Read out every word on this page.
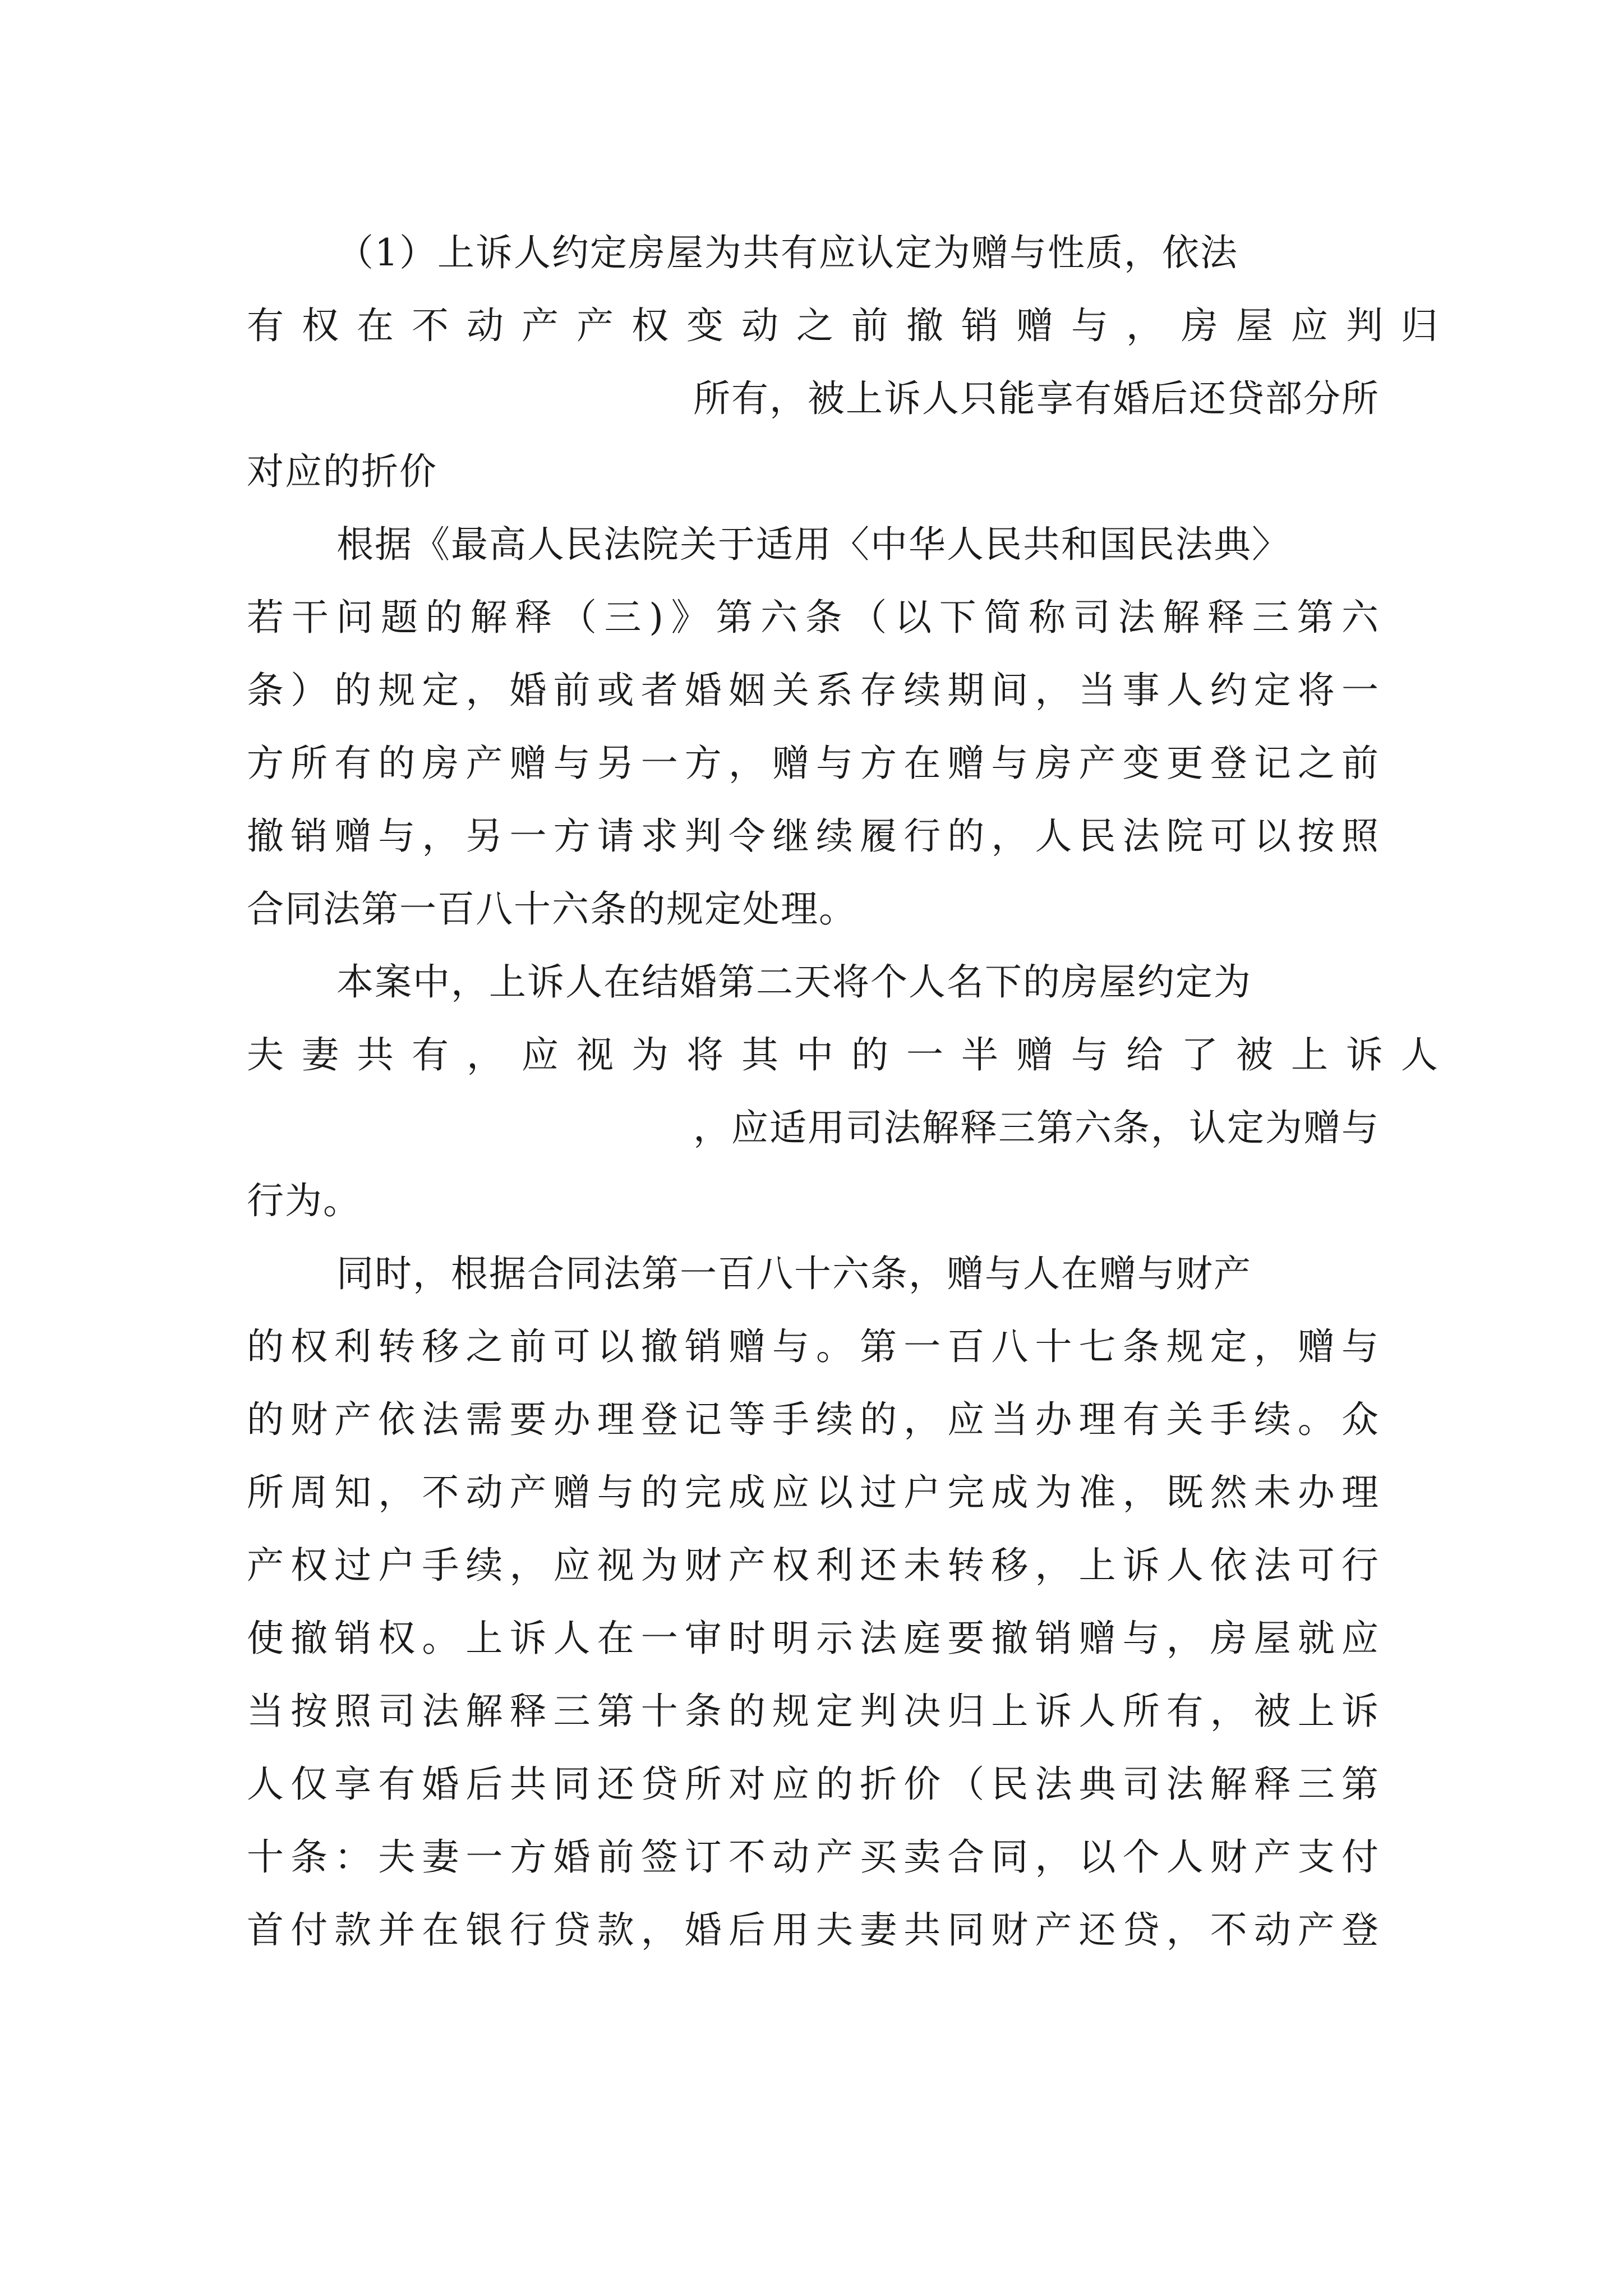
（1）上诉人约定房屋为共有应认定为赠与性质，依法
有权在不动产产权变动之前撤销赠与，房屋应判归
所有，被上诉人只能享有婚后还贷部分所
对应的折价
根据《最高人民法院关于适用〈中华人民共和国民法典〉
若干问题的解释（三)》第六条（以下简称司法解释三第六
条）的规定，婚前或者婚姻关系存续期间，当事人约定将一
方所有的房产赠与另一方，赠与方在赠与房产变更登记之前
撤销赠与，另一方请求判令继续履行的，人民法院可以按照
合同法第一百八十六条的规定处理。
本案中，上诉人在结婚第二天将个人名下的房屋约定为
夫妻共有，应视为将其中的一半赠与给了被上诉人
，应适用司法解释三第六条，认定为赠与
行为。
同时，根据合同法第一百八十六条，赠与人在赠与财产
的权利转移之前可以撤销赠与。第一百八十七条规定，赠与
的财产依法需要办理登记等手续的，应当办理有关手续。众
所周知，不动产赠与的完成应以过户完成为准，既然未办理
产权过户手续，应视为财产权利还未转移，上诉人依法可行
使撤销权。上诉人在一审时明示法庭要撤销赠与，房屋就应
当按照司法解释三第十条的规定判决归上诉人所有，被上诉
人仅享有婚后共同还贷所对应的折价（民法典司法解释三第
十条：夫妻一方婚前签订不动产买卖合同，以个人财产支付
首付款并在银行贷款，婚后用夫妻共同财产还贷，不动产登
